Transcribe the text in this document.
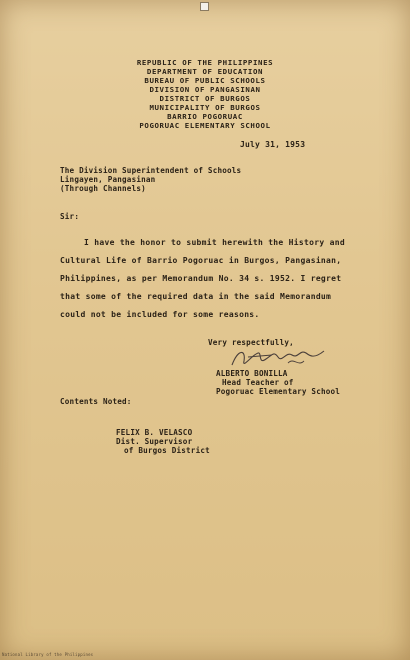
REPUBLIC OF THE PHILIPPINES

DEPARTMENT OF EDUCATION

BUREAU OF PUBLIC SCHOOLS

DIVISION OF PANGASINAN

DISTRICT OF BURGOS

MUNICIPALITY OF BURGOS

BARRIO POGORUAC

POGORUAC ELEMENTARY SCHOOL

July 31, 1953

The Division Superintendent of Schools

Lingayen, Pangasinan

(Through Channels)

Sir:

I have the honor to submit herewith the History and

Cultural Life of Barrio Pogoruac in Burgos, Pangasinan,

Philippines, as per Memorandum No. 34 s. 1952. I regret

that some of the required data in the said Memorandum

could not be included for some reasons.

Very respectfully,

ALBERTO BONILLA

Head Teacher of

Pogoruac Elementary School

Contents Noted:

FELIX B. VELASCO

Dist. Supervisor

of Burgos District

National Library of the Philippines
